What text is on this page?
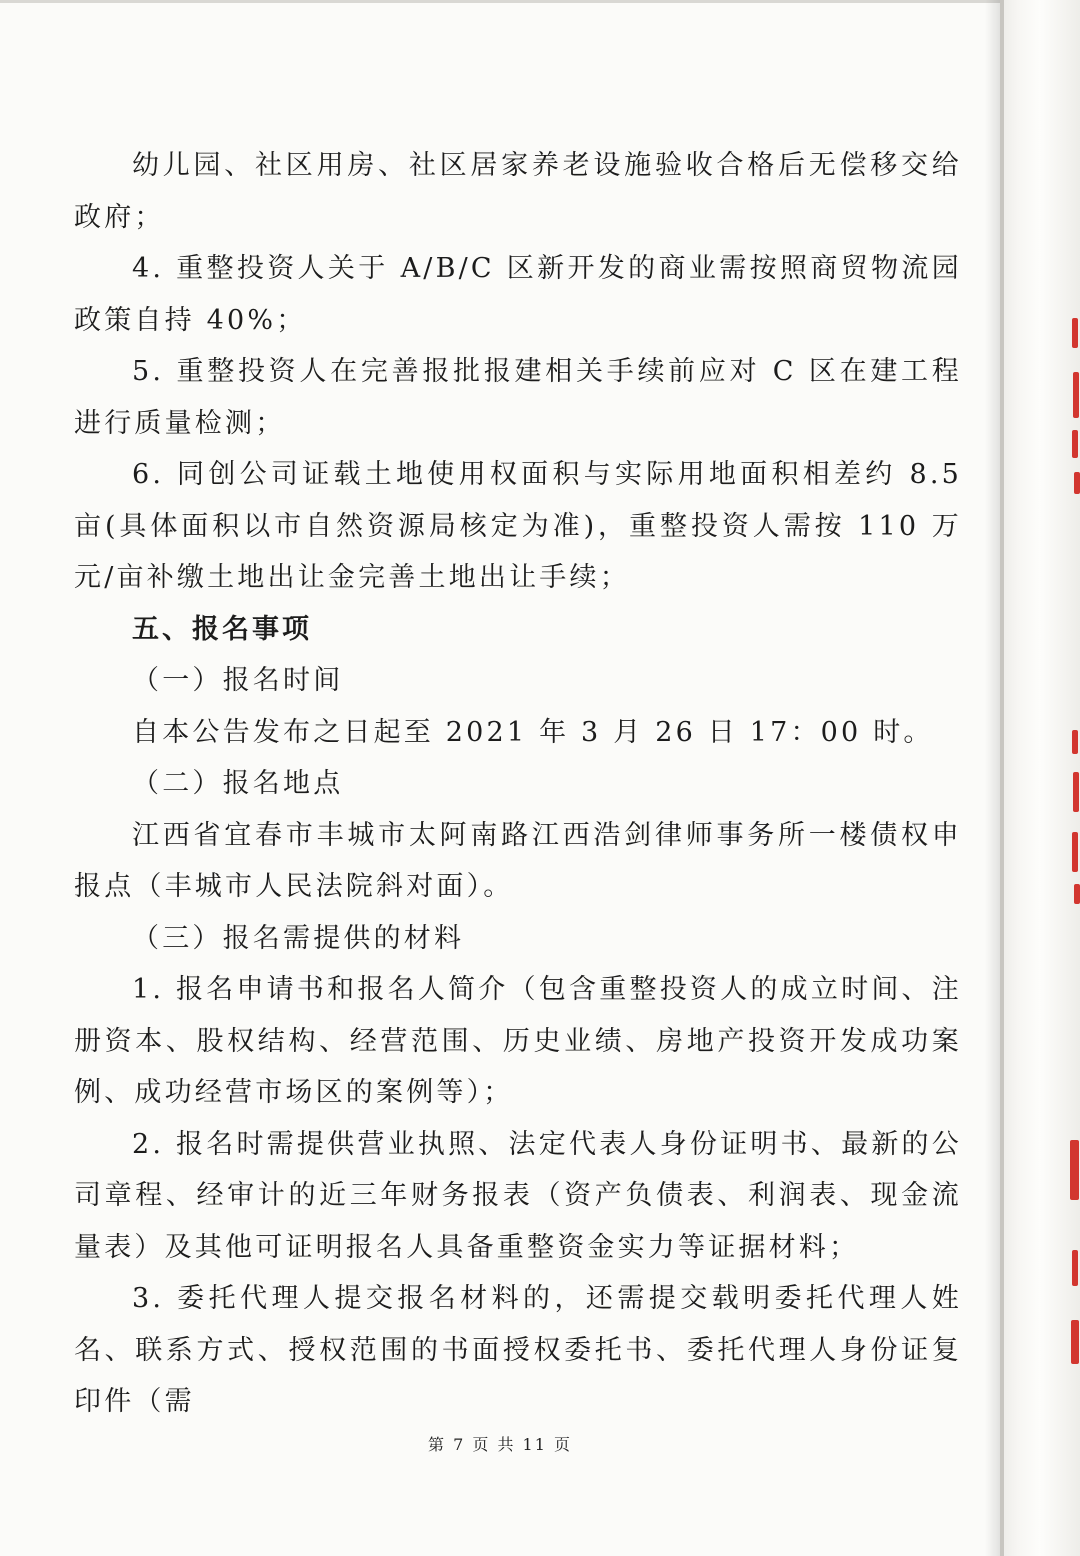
幼儿园、社区用房、社区居家养老设施验收合格后无偿移交给政府；

4. 重整投资人关于 A/B/C 区新开发的商业需按照商贸物流园政策自持 40%；

5. 重整投资人在完善报批报建相关手续前应对 C 区在建工程进行质量检测；

6. 同创公司证载土地使用权面积与实际用地面积相差约 8.5 亩(具体面积以市自然资源局核定为准)，重整投资人需按 110 万元/亩补缴土地出让金完善土地出让手续；

五、报名事项

（一）报名时间

自本公告发布之日起至 2021 年 3 月 26 日 17：00 时。

（二）报名地点

江西省宜春市丰城市太阿南路江西浩剑律师事务所一楼债权申报点（丰城市人民法院斜对面）。

（三）报名需提供的材料

1. 报名申请书和报名人简介（包含重整投资人的成立时间、注册资本、股权结构、经营范围、历史业绩、房地产投资开发成功案例、成功经营市场区的案例等）；

2. 报名时需提供营业执照、法定代表人身份证明书、最新的公司章程、经审计的近三年财务报表（资产负债表、利润表、现金流量表）及其他可证明报名人具备重整资金实力等证据材料；

3. 委托代理人提交报名材料的，还需提交载明委托代理人姓名、联系方式、授权范围的书面授权委托书、委托代理人身份证复印件（需

第 7 页 共 11 页
